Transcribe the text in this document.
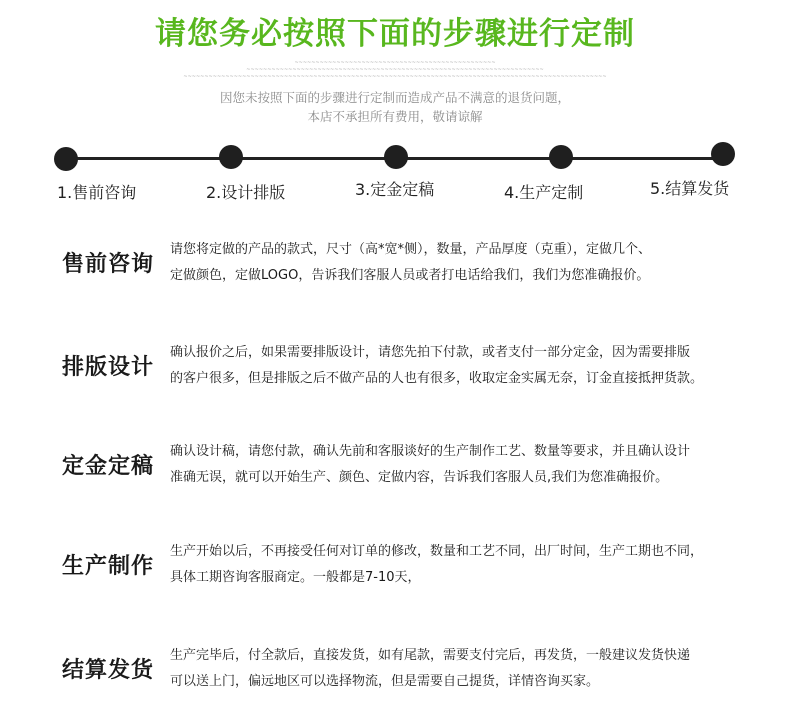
请您务必按照下面的步骤进行定制
~~~~~~~~~~~~~~~~~~~~~~~~~~~~~~~~~~~~~~~~~~~~~~~~
~~~~~~~~~~~~~~~~~~~~~~~~~~~~~~~~~~~~~~~~~~~~~~~~~~~~~~~~~~~~~~~~~~~~~~~
~~~~~~~~~~~~~~~~~~~~~~~~~~~~~~~~~~~~~~~~~~~~~~~~~~~~~~~~~~~~~~~~~~~~~~~~~~~~~~~~~~~~~~~~~~~~~~~~~~~~~
因您未按照下面的步骤进行定制而造成产品不满意的退货问题，
本店不承担所有费用，敬请谅解
1.售前咨询	2.设计排版	3.定金定稿	4.生产定制	5.结算发货
售前咨询
请您将定做的产品的款式，尺寸（高*宽*侧），数量，产品厚度（克重），定做几个、
定做颜色，定做LOGO，告诉我们客服人员或者打电话给我们，我们为您准确报价。
排版设计
确认报价之后，如果需要排版设计，请您先拍下付款，或者支付一部分定金，因为需要排版
的客户很多，但是排版之后不做产品的人也有很多，收取定金实属无奈，订金直接抵押货款。
定金定稿
确认设计稿，请您付款，确认先前和客服谈好的生产制作工艺、数量等要求，并且确认设计
准确无误，就可以开始生产、颜色、定做内容，告诉我们客服人员,我们为您准确报价。
生产制作
生产开始以后，不再接受任何对订单的修改，数量和工艺不同，出厂时间，生产工期也不同，
具体工期咨询客服商定。一般都是7-10天，
结算发货
生产完毕后，付全款后，直接发货，如有尾款，需要支付完后，再发货，一般建议发货快递
可以送上门，偏远地区可以选择物流，但是需要自己提货，详情咨询买家。
